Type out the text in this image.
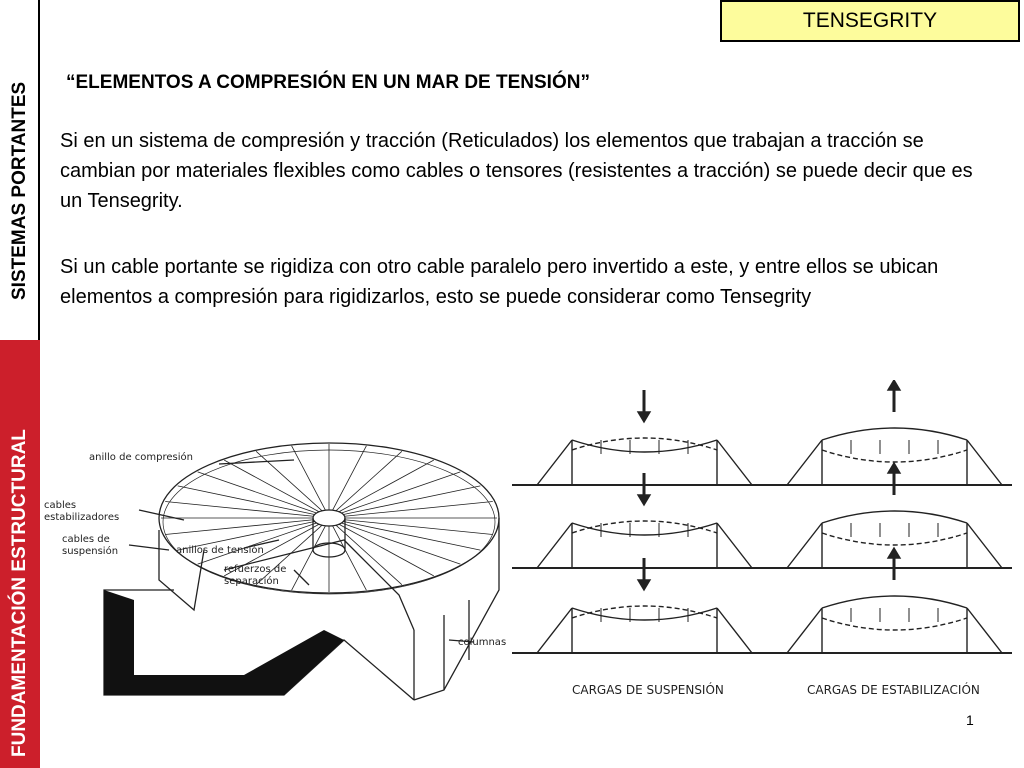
SISTEMAS PORTANTES
FUNDAMENTACIÓN ESTRUCTURAL
TENSEGRITY
“ELEMENTOS A COMPRESIÓN EN UN MAR DE TENSIÓN”

Si en un sistema de compresión y tracción (Reticulados) los elementos que trabajan a tracción se cambian por materiales flexibles como cables o tensores (resistentes a tracción) se puede decir que es un Tensegrity.

Si un cable portante se rigidiza con otro cable paralelo pero invertido a este, y entre ellos se ubican elementos a compresión para rigidizarlos, esto se puede considerar como Tensegrity

anillo de compresión
cables
estabilizadores
cables de
suspensión	anillos de tensión
refuerzos de
separación
columnas
CARGAS DE SUSPENSIÓN	CARGAS DE ESTABILIZACIÓN
1
